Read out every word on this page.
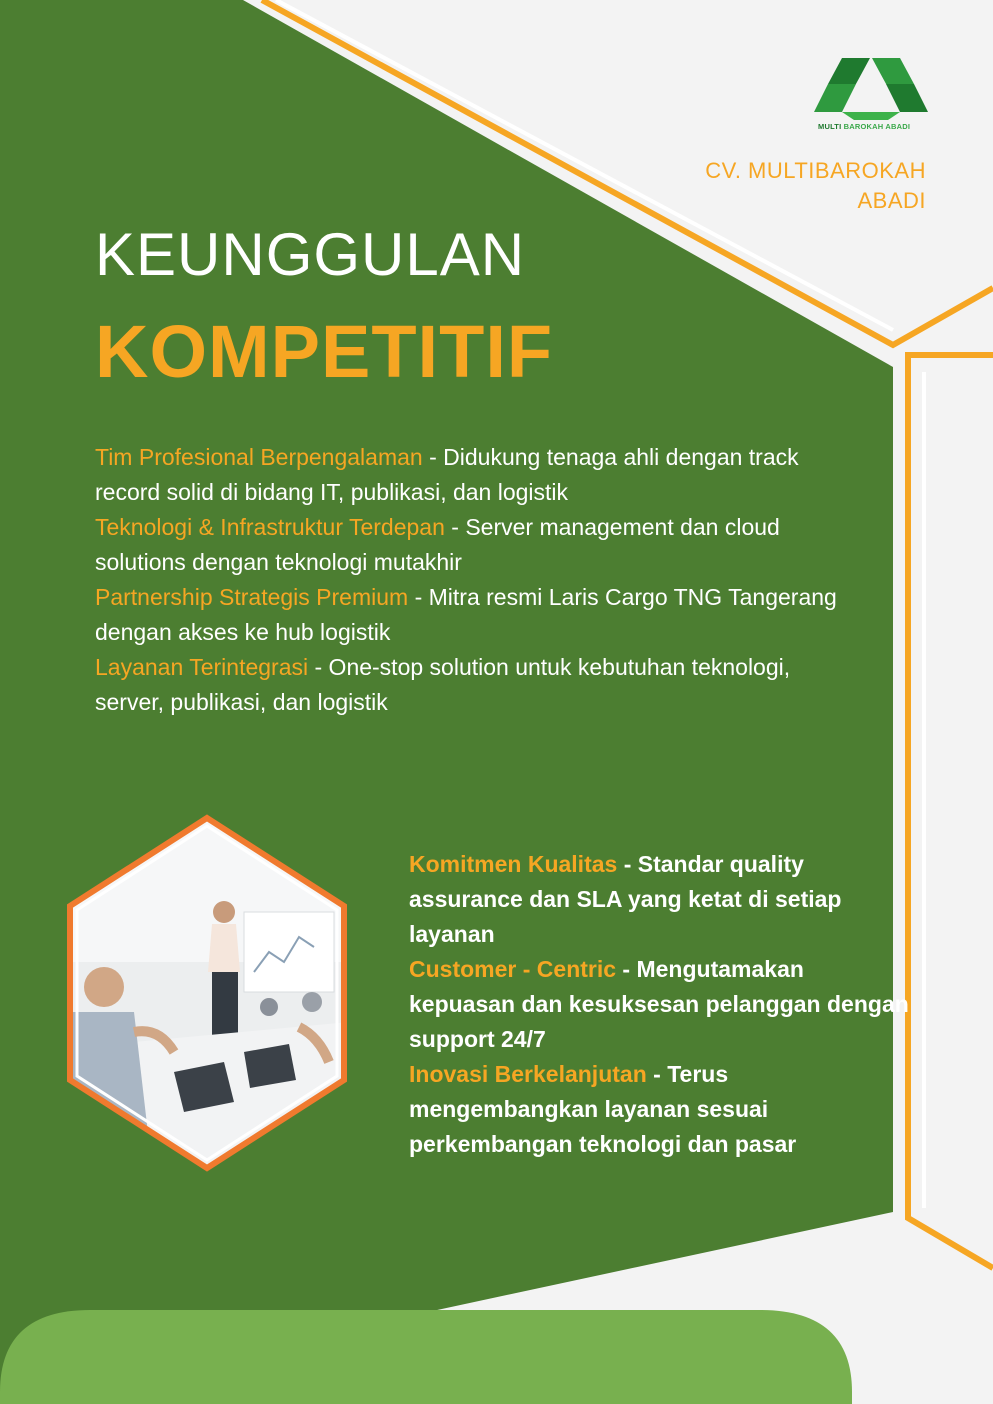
MULTI BAROKAH ABADI
CV. MULTIBAROKAH
ABADI
KEUNGGULAN
KOMPETITIF

Tim Profesional Berpengalaman - Didukung tenaga ahli dengan track record solid di bidang IT, publikasi, dan logistik

Teknologi & Infrastruktur Terdepan - Server management dan cloud solutions dengan teknologi mutakhir

Partnership Strategis Premium - Mitra resmi Laris Cargo TNG Tangerang dengan akses ke hub logistik

Layanan Terintegrasi - One-stop solution untuk kebutuhan teknologi, server, publikasi, dan logistik

Komitmen Kualitas - Standar quality assurance dan SLA yang ketat di setiap layanan

Customer - Centric - Mengutamakan kepuasan dan kesuksesan pelanggan dengan support 24/7

Inovasi Berkelanjutan - Terus mengembangkan layanan sesuai perkembangan teknologi dan pasar
